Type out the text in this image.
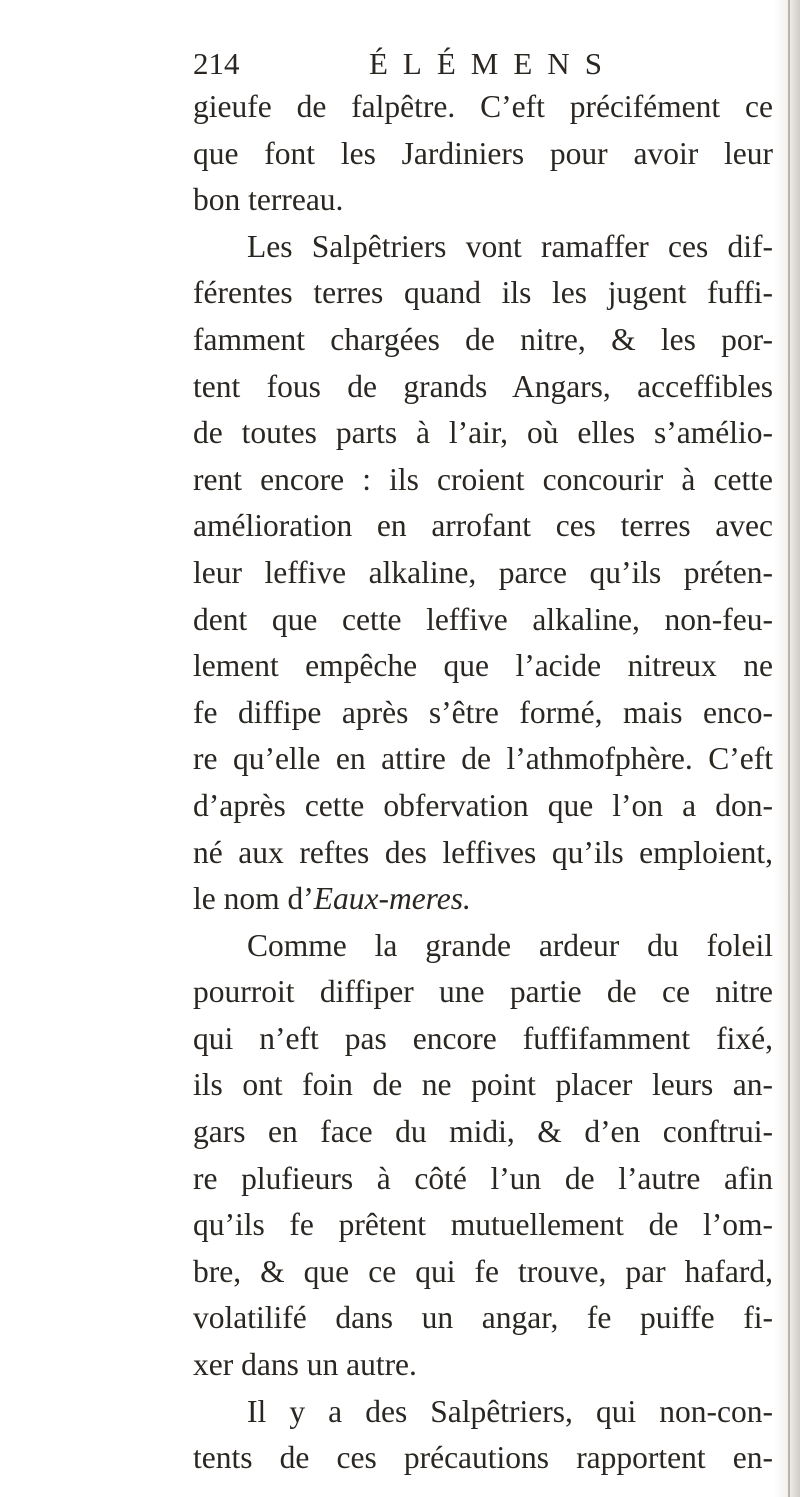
214	ÉLÉMENS
gieufe de falpêtre. C’eft précifément ce
que font les Jardiniers pour avoir leur
bon terreau.
Les Salpêtriers vont ramaffer ces dif-
férentes terres quand ils les jugent fuffi-
famment chargées de nitre, & les por-
tent fous de grands Angars, acceffibles
de toutes parts à l’air, où elles s’amélio-
rent encore : ils croient concourir à cette
amélioration en arrofant ces terres avec
leur leffive alkaline, parce qu’ils préten-
dent que cette leffive alkaline, non-feu-
lement empêche que l’acide nitreux ne
fe diffipe après s’être formé, mais enco-
re qu’elle en attire de l’athmofphère. C’eft
d’après cette obfervation que l’on a don-
né aux reftes des leffives qu’ils emploient,
le nom d’Eaux-meres.
Comme la grande ardeur du foleil
pourroit diffiper une partie de ce nitre
qui n’eft pas encore fuffifamment fixé,
ils ont foin de ne point placer leurs an-
gars en face du midi, & d’en conftrui-
re plufieurs à côté l’un de l’autre afin
qu’ils fe prêtent mutuellement de l’om-
bre, & que ce qui fe trouve, par hafard,
volatilifé dans un angar, fe puiffe fi-
xer dans un autre.
Il y a des Salpêtriers, qui non-con-
tents de ces précautions rapportent en-
